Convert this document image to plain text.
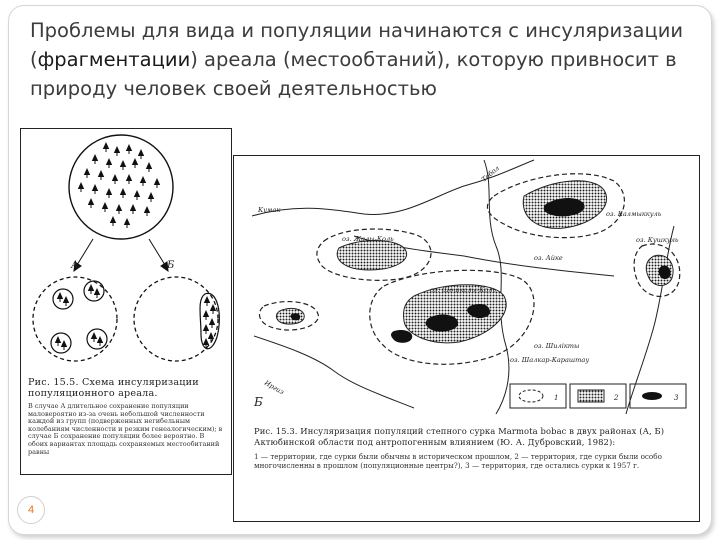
Проблемы для вида и популяции начинаются с инсуляризации (фрагментации) ареала (местообтаний), которую привносит в природу человек своей деятельностью
А	Б
Рис. 15.5. Схема инсуляризации популяционного ареала.
В случае А длительное сохранение популяции маловероятно из-за очень небольшой численности каждой из групп (подверженных негибельным колебаниям численности и резким генеалогическим); в случае Б сохранение популяции более вероятно. В обоих вариантах площадь сохраняемых местообитаний равны
Кумак
Тобол
оз. Жалы-Коль
оз. Калмыккуль
оз. Кушкуль
оз. Айке
оз. Шошкалы-Коль
оз. Шилікты
оз. Шалкар-Караштау
Иргиз
Б	1	2	3
Рис. 15.3. Инсуляризация популяций степного сурка Marmota bobac в двух районах (А, Б) Актюбинской области под антропогенным влиянием (Ю. А. Дубровский, 1982):
1 — территории, где сурки были обычны в историческом прошлом, 2 — территория, где сурки были особо многочисленны в прошлом (популяционные центры?), 3 — территория, где остались сурки к 1957 г.
4
